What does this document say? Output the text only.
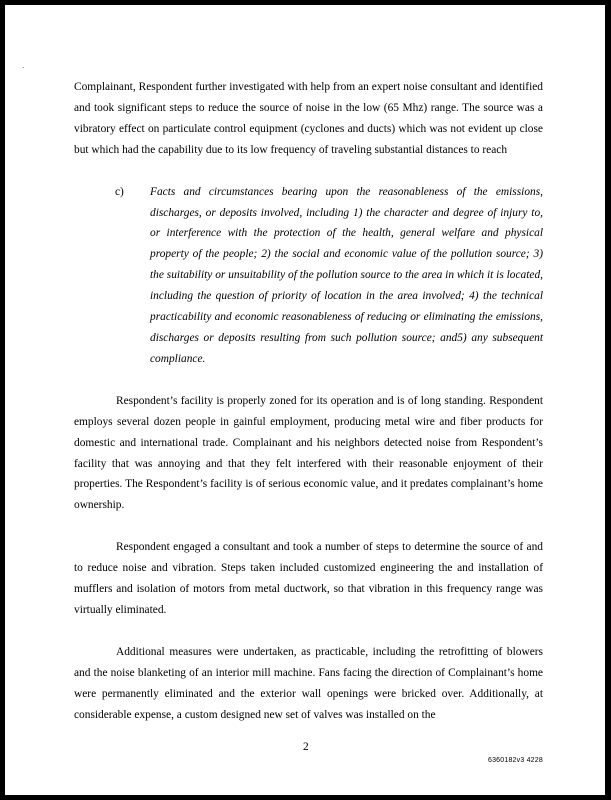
·

Complainant, Respondent further investigated with help from an expert noise consultant and identified and took significant steps to reduce the source of noise in the low (65 Mhz) range. The source was a vibratory effect on particulate control equipment (cyclones and ducts) which was not evident up close but which had the capability due to its low frequency of traveling substantial distances to reach

c)	Facts and circumstances bearing upon the reasonableness of the emissions, discharges, or deposits involved, including 1) the character and degree of injury to, or interference with the protection of the health, general welfare and physical property of the people; 2) the social and economic value of the pollution source; 3) the suitability or unsuitability of the pollution source to the area in which it is located, including the question of priority of location in the area involved; 4) the technical practicability and economic reasonableness of reducing or eliminating the emissions, discharges or deposits resulting from such pollution source; and5) any subsequent compliance.

Respondent’s facility is properly zoned for its operation and is of long standing. Respondent employs several dozen people in gainful employment, producing metal wire and fiber products for domestic and international trade. Complainant and his neighbors detected noise from Respondent’s facility that was annoying and that they felt interfered with their reasonable enjoyment of their properties. The Respondent’s facility is of serious economic value, and it predates complainant’s home ownership.

Respondent engaged a consultant and took a number of steps to determine the source of and to reduce noise and vibration. Steps taken included customized engineering the and installation of mufflers and isolation of motors from metal ductwork, so that vibration in this frequency range was virtually eliminated.

Additional measures were undertaken, as practicable, including the retrofitting of blowers and the noise blanketing of an interior mill machine. Fans facing the direction of Complainant’s home were permanently eliminated and the exterior wall openings were bricked over. Additionally, at considerable expense, a custom designed new set of valves was installed on the

2
6360182v3 4228
